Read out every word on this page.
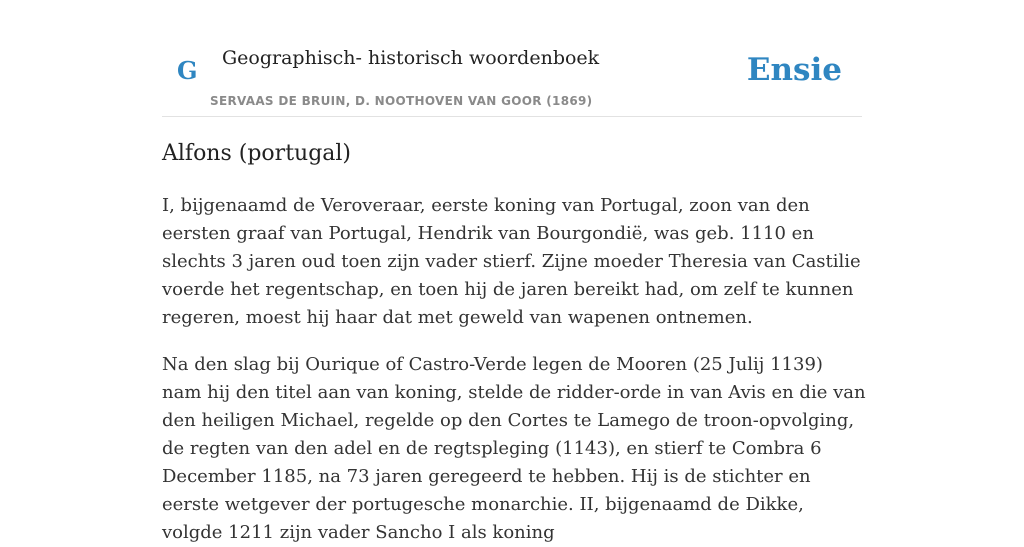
G Geographisch- historisch woordenboek
SERVAAS DE BRUIN, D. NOOTHOVEN VAN GOOR (1869)
Ensie
Alfons (portugal)

I, bijgenaamd de Veroveraar, eerste koning van Portugal, zoon van den eersten graaf van Portugal, Hendrik van Bourgondië, was geb. 1110 en slechts 3 jaren oud toen zijn vader stierf. Zijne moeder Theresia van Castilie voerde het regentschap, en toen hij de jaren bereikt had, om zelf te kunnen regeren, moest hij haar dat met geweld van wapenen ontnemen.

Na den slag bij Ourique of Castro-Verde legen de Mooren (25 Julij 1139) nam hij den titel aan van koning, stelde de ridder-orde in van Avis en die van den heiligen Michael, regelde op den Cortes te Lamego de troon-opvolging, de regten van den adel en de regtspleging (1143), en stierf te Combra 6 December 1185, na 73 jaren geregeerd te hebben. Hij is de stichter en eerste wetgever der portugesche monarchie. II, bijgenaamd de Dikke, volgde 1211 zijn vader Sancho I als koning
